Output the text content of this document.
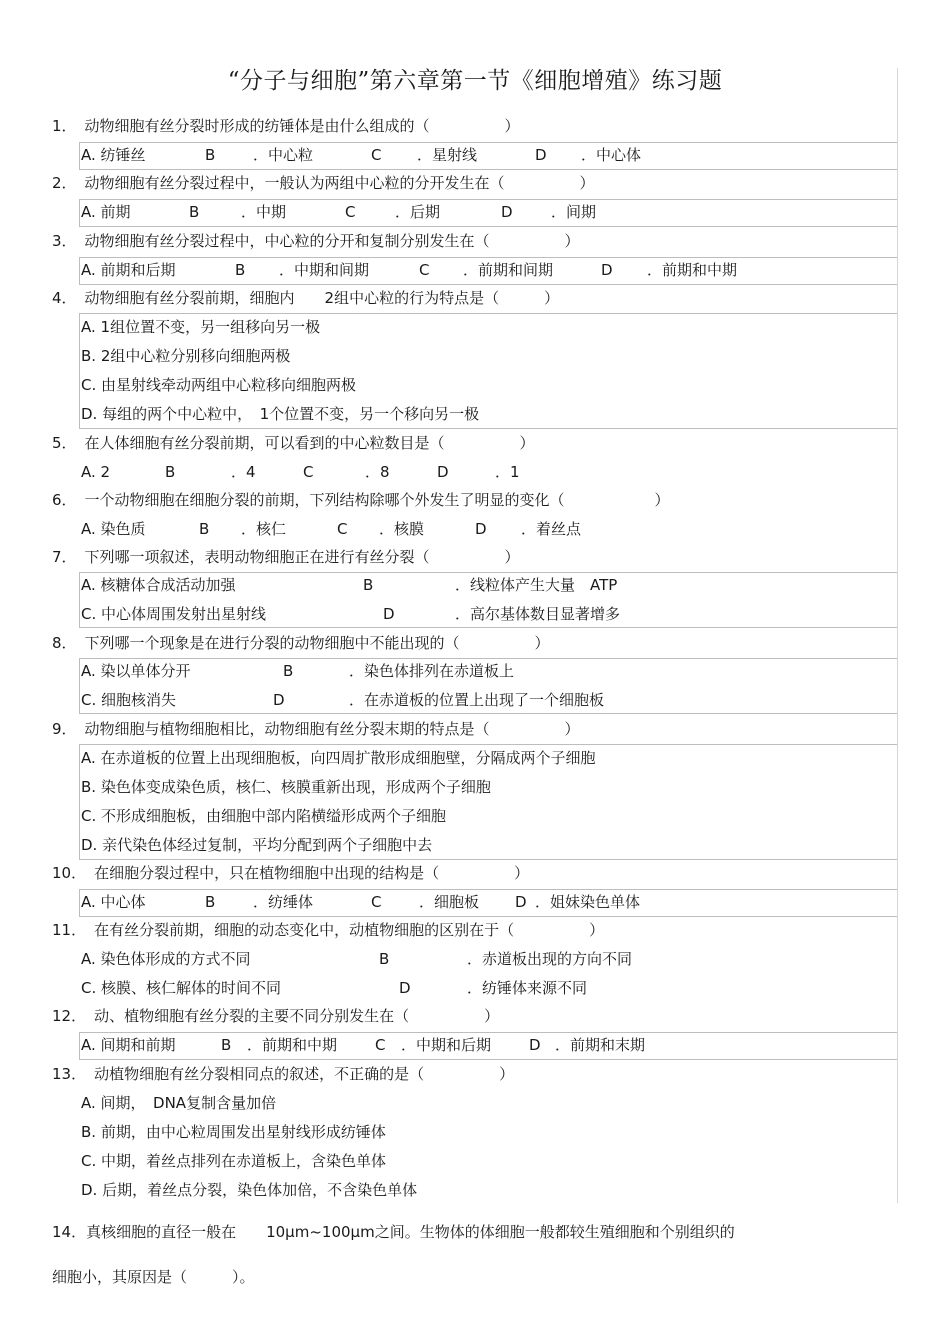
“分子与细胞”第六章第一节《细胞增殖》练习题
1． 动物细胞有丝分裂时形成的纺锤体是由什么组成的（　　　　　）
A. 纺锤丝	B	．中心粒	C ．星射线	D ．中心体
2． 动物细胞有丝分裂过程中，一般认为两组中心粒的分开发生在（　　　　　）
A. 前期	B	．中期	C	．后期	D	．间期
3． 动物细胞有丝分裂过程中，中心粒的分开和复制分别发生在（　　　　　）
A. 前期和后期	B ．中期和间期	C ．前期和间期	D ．前期和中期
4． 动物细胞有丝分裂前期，细胞内　　2组中心粒的行为特点是（　　　）
A. 1组位置不变，另一组移向另一极
B. 2组中心粒分别移向细胞两极
C. 由星射线牵动两组中心粒移向细胞两极
D. 每组的两个中心粒中，　1个位置不变，另一个移向另一极
5． 在人体细胞有丝分裂前期，可以看到的中心粒数目是（　　　　　）
A. 2	B	．4	C	．8	D	．1
6． 一个动物细胞在细胞分裂的前期，下列结构除哪个外发生了明显的变化（　　　　　　）
A. 染色质	B ．核仁	C ．核膜	D ．着丝点
7． 下列哪一项叙述，表明动物细胞正在进行有丝分裂（　　　　　）
A. 核糖体合成活动加强	B	．线粒体产生大量　ATP
C. 中心体周围发射出星射线	D	．高尔基体数目显著增多
8． 下列哪一个现象是在进行分裂的动物细胞中不能出现的（　　　　　）
A. 染以单体分开	B	．染色体排列在赤道板上
C. 细胞核消失	D	．在赤道板的位置上出现了一个细胞板
9． 动物细胞与植物细胞相比，动物细胞有丝分裂末期的特点是（　　　　　）
A. 在赤道板的位置上出现细胞板，向四周扩散形成细胞壁，分隔成两个子细胞
B. 染色体变成染色质，核仁、核膜重新出现，形成两个子细胞
C. 不形成细胞板，由细胞中部内陷横缢形成两个子细胞
D. 亲代染色体经过复制，平均分配到两个子细胞中去
10． 在细胞分裂过程中，只在植物细胞中出现的结构是（　　　　　）
A. 中心体	B	．纺缍体	C	．细胞板 D ．姐妹染色单体
11． 在有丝分裂前期，细胞的动态变化中，动植物细胞的区别在于（　　　　　）
A. 染色体形成的方式不同	B	．赤道板出现的方向不同
C. 核膜、核仁解体的时间不同	D	．纺锤体来源不同
12． 动、植物细胞有丝分裂的主要不同分别发生在（　　　　　）
A. 间期和前期	B ．前期和中期	C ．中期和后期	D ．前期和末期
13． 动植物细胞有丝分裂相同点的叙述，不正确的是（　　　　　）
A. 间期，　DNA复制含量加倍
B. 前期，由中心粒周围发出星射线形成纺锤体
C. 中期，着丝点排列在赤道板上，含染色单体
D. 后期，着丝点分裂，染色体加倍，不含染色单体
14．真核细胞的直径一般在　　10μm~100μm之间。生物体的体细胞一般都较生殖细胞和个别组织的
细胞小，其原因是（　　　）。
